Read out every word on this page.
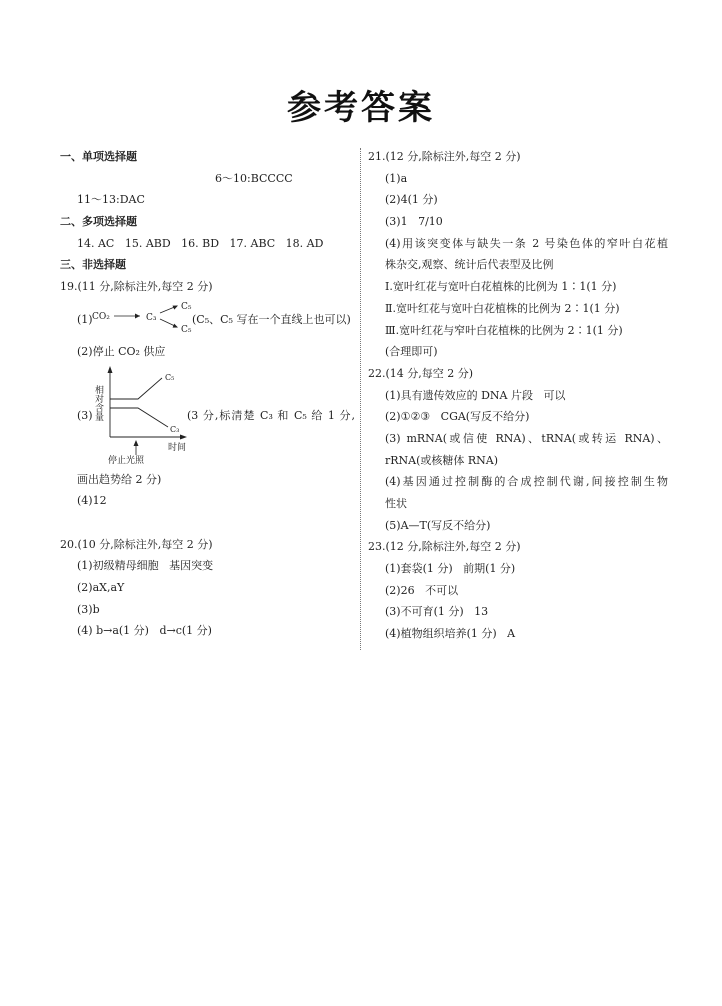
参考答案
一、单项选择题

6～10:BCCCC

11～13:DAC
二、多项选择题
14. AC   15. ABD   16. BD   17. ABC   18. AD
三、非选择题
19.(11 分,除标注外,每空 2 分)
(1) CO₂	C₃
C₅
C₅
(C₅、C₅ 写在一个直线上也可以)
(2)停止 CO₂ 供应
(3) 相对含量
时间
C₅
C₃
停止光照
(3 分,标清楚 C₃ 和 C₅ 给 1 分,
画出趋势给 2 分)
(4)12

20.(10 分,除标注外,每空 2 分)
(1)初级精母细胞   基因突变
(2)aX,aY
(3)b
(4) b→a(1 分)   d→c(1 分)
21.(12 分,除标注外,每空 2 分)
(1)a
(2)4(1 分)
(3)1   7/10
(4)用该突变体与缺失一条 2 号染色体的窄叶白花植
株杂交,观察、统计后代表型及比例
Ⅰ.宽叶红花与宽叶白花植株的比例为 1∶1(1 分)
Ⅱ.宽叶红花与宽叶白花植株的比例为 2∶1(1 分)
Ⅲ.宽叶红花与窄叶白花植株的比例为 2∶1(1 分)
(合理即可)
22.(14 分,每空 2 分)
(1)具有遗传效应的 DNA 片段   可以
(2)①②③   CGA(写反不给分)
(3) mRNA(或信使 RNA)、tRNA(或转运 RNA)、
rRNA(或核糖体 RNA)
(4)基因通过控制酶的合成控制代谢,间接控制生物
性状
(5)A—T(写反不给分)
23.(12 分,除标注外,每空 2 分)
(1)套袋(1 分)   前期(1 分)
(2)26   不可以
(3)不可育(1 分)   13
(4)植物组织培养(1 分)   A
